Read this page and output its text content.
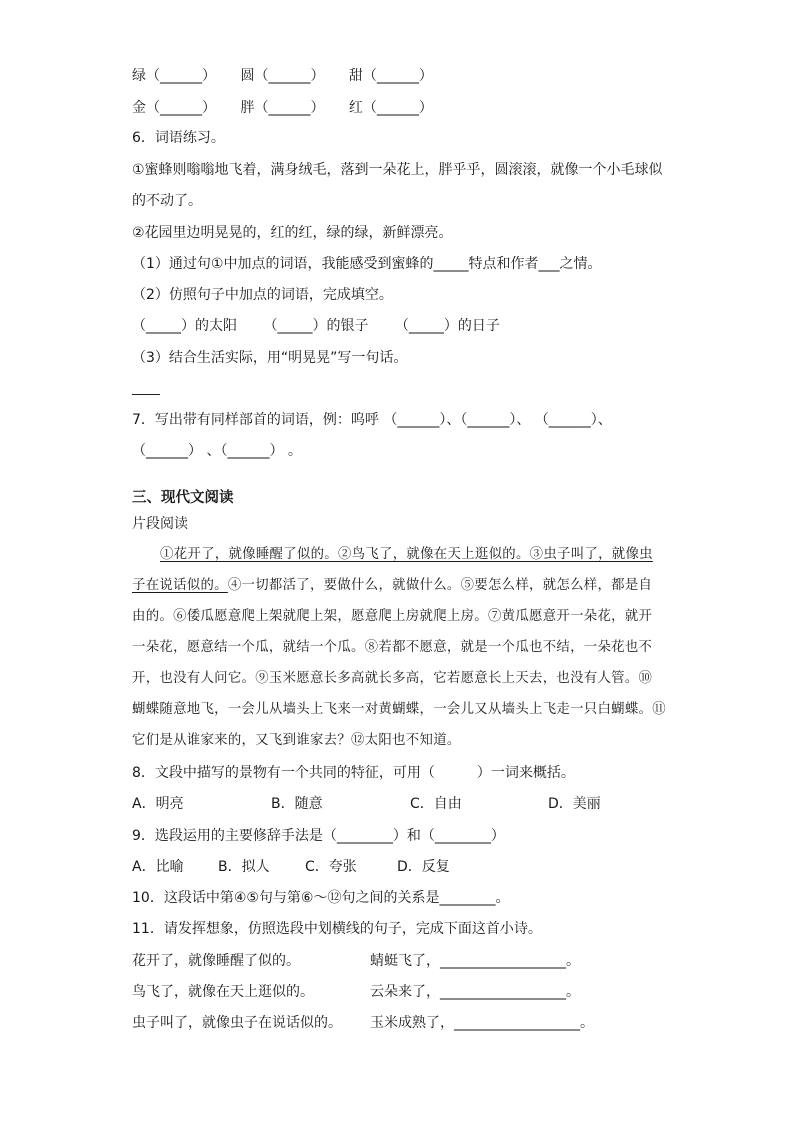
绿（______） 圆（______） 甜（______）
金（______） 胖（______） 红（______）
6．词语练习。
①蜜蜂则嗡嗡地飞着，满身绒毛，落到一朵花上，胖乎乎，圆滚滚，就像一个小毛球似
的不动了。
②花园里边明晃晃的，红的红，绿的绿，新鲜漂亮。
（1）通过句①中加点的词语，我能感受到蜜蜂的_____特点和作者___之情。
（2）仿照句子中加点的词语，完成填空。
（_____）的太阳 （_____）的银子 （_____）的日子
（3）结合生活实际，用“明晃晃”写一句话。
7．写出带有同样部首的词语，例：呜呼 （______）、（______）、 （______）、
（______） 、（______） 。
三、现代文阅读
片段阅读
①花开了，就像睡醒了似的。②鸟飞了，就像在天上逛似的。③虫子叫了，就像虫
子在说话似的。④一切都活了，要做什么，就做什么。⑤要怎么样，就怎么样，都是自
由的。⑥倭瓜愿意爬上架就爬上架，愿意爬上房就爬上房。⑦黄瓜愿意开一朵花，就开
一朵花，愿意结一个瓜，就结一个瓜。⑧若都不愿意，就是一个瓜也不结，一朵花也不
开，也没有人问它。⑨玉米愿意长多高就长多高，它若愿意长上天去，也没有人管。⑩
蝴蝶随意地飞，一会儿从墙头上飞来一对黄蝴蝶，一会儿又从墙头上飞走一只白蝴蝶。⑪
它们是从谁家来的，又飞到谁家去？⑫太阳也不知道。
8．文段中描写的景物有一个共同的特征，可用（　　　）一词来概括。
A．明亮	B．随意	C．自由	D．美丽
9．选段运用的主要修辞手法是（________）和（________）
A．比喻 B．拟人	C．夸张	D．反复
10．这段话中第④⑤句与第⑥～⑫句之间的关系是________。
11．请发挥想象，仿照选段中划横线的句子，完成下面这首小诗。
花开了，就像睡醒了似的。	蜻蜓飞了，__________________。
鸟飞了，就像在天上逛似的。	云朵来了，__________________。
虫子叫了，就像虫子在说话似的。 玉米成熟了，__________________。
